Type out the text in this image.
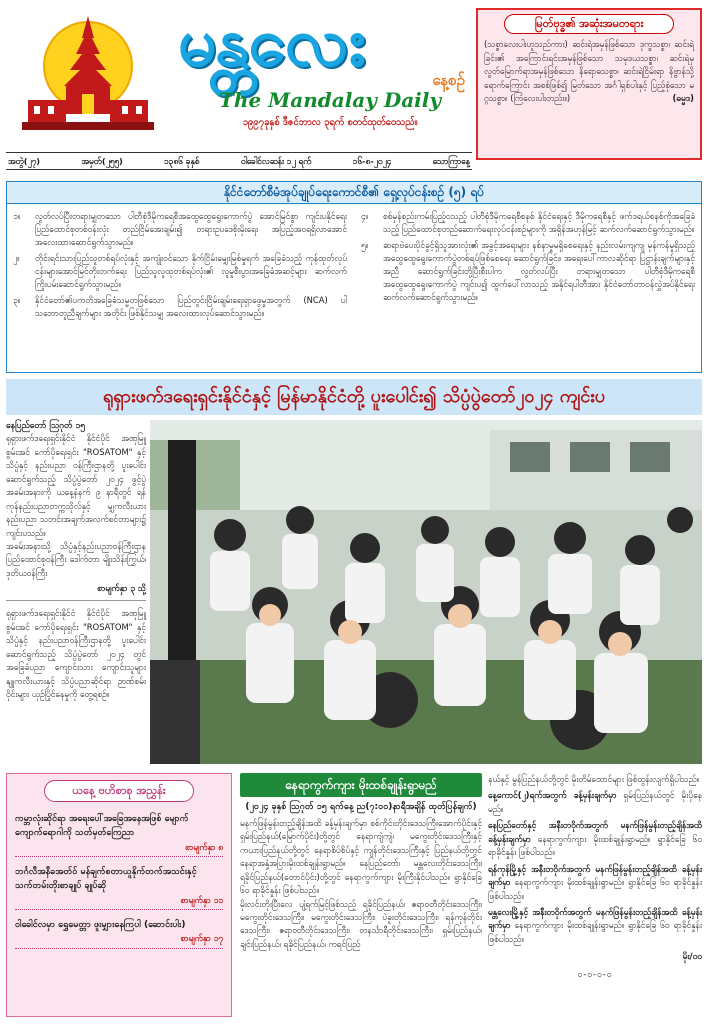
မန္တလေး	နေ့စဉ်
The Mandalay Daily
၁၉၉၇ခုနှစ် ဒီဇင်ဘာလ ၃ရက် စတင်ထုတ်ဝေသည်။
မြတ်ဗုဒ္ဓ၏ အဆုံးအမတရား
(သစ္စာလေးပါးဟူသည်ကား) ဆင်းရဲအမှန်ဖြစ်သော ဒုက္ခသစ္စာ၊ ဆင်းရဲခြင်း၏ အကြောင်းရင်းအမှန်ဖြစ်သော သမုဒယသစ္စာ၊ ဆင်းရဲမှ လွတ်မြောက်ရာအမှန်ဖြစ်သော နိရောဓသစ္စာ၊ ဆင်းရဲငြိမ်းရာ နိဗ္ဗာန်သို့ရောက်ကြောင်း အစစ်ဖြစ်၍ မြတ်သော အင်္ဂါရှစ်ပါးနှင့် ပြည့်စုံသော မဂ္ဂသစ္စာ။ (ကြံလေးပါးတည်း။)	(ဓမ္မဒ)
အတွဲ(၂၇)	အမှတ်(၂၅၅)	၁၃၈၆ ခုနှစ်	ဝါခေါင်လဆန်း ၁၂ ရက်	၁၆-၈-၂၀၂၄	သောကြာနေ့
နိုင်ငံတော်စီမံအုပ်ချုပ်ရေးကောင်စီ၏ ရှေ့လုပ်ငန်းစဉ် (၅) ရပ်
၁။	လွတ်လပ်ပြီးတရားမျှတသော ပါတီစုံဒီမိုကရေစီအထွေထွေရွေးကောက်ပွဲ အောင်မြင်စွာ ကျင်းပနိုင်ရေး ပြည်ထောင်စုတစ်ဝန်းလုံး တည်ငြိမ်အေးချမ်း၍ တရားဥပဒေစိုးမိုးရေး အပြည့်အဝရရှိလာအောင် အလေးထားဆောင်ရွက်သွားမည်။
၂။	တိုင်းရင်းသားပြည်သူတစ်ရပ်လုံးနှင့် အကျုံးဝင်သော နိုက်ငြိမ်းမျှေးမြစ်မှုရက် အခြေခံသည့် ကုန်ထုတ်လုပ်ငန်းများအောင်မြင်တိုးတက်ရေး ပြည်သူလူထုတစ်ရပ်လုံး၏ လူမှုစီးပွားအခြေခံအဆင့်များ ဆက်လက်ကြိုးပမ်းဆောင်ရွက်သွားမည်။
၃။	နိုင်ငံတော်၏ပကတိအခြေခံသမ္မတဖြစ်သော ပြည်တွင်းငြိမ်းချမ်းရေးရှာဖွေမှုအတွက် (NCA) ပါ သဘောတူညီချက်များ အတိုင်း ဖြစ်နိုင်သမျှ အလေးထားလုပ်ဆောင်သွားမည်။
၄။	စစ်မှန်စည်းကမ်းပြည့်ဝသည့် ပါတီစုံဒီမိုကရေစီစနစ် နိုင်ငံရေးနှင့် ဒီမိုကရေစီနှင့် ဖက်ဒရယ်စနစ်ကိုအခြေခံသည့် ပြည်ထောင်စုတည်ဆောက်ရေးလုပ်ငန်းစဉ်များကို အရှိန်အဟုန်မြင့် ဆက်လက်ဆောင်ရွက်သွားမည်။
၅။	ဆရာဗဲပေးပိုင်ခွင့်ရှိသူအားလုံး၏ အခွင့်အရေးများ နစ်နာမှုမရှိစေရေးနှင့် နည်းလမ်းကျကျ မှန်ကန်မှုရှိသည့် အထွေထွေရွေးကောက်ပွဲတစ်ရပ်ဖြစ်စေရေး ဆောင်ရွက်ခြင်း၊ အရေးပေါ်ကာလဆိုင်ရာ ပြဋ္ဌာန်းချက်များနှင့်အညီ ဆောင်ရွက်ခြင်းတို့ပြီးစီးပါက လွတ်လပ်ပြီး တရားမျှတသော ပါတီစုံဒီမိုကရေစီ အထွေထွေရွေးကောက်ပွဲ ကျင်းပ၍ ထွက်ပေါ်လာသည့် အနိုင်ရပါတီအား နိုင်ငံတော်တာဝန်လွှဲအပ်နိုင်ရေး ဆက်လက်ဆောင်ရွက်သွားမည်။
ရုရှားဖက်ဒရေးရှင်းနိုင်ငံနှင့် မြန်မာနိုင်ငံတို့ ပူးပေါင်း၍ သိပ္ပံပွဲတော်၂၀၂၄ ကျင်းပ
နေပြည်တော် ဩဂုတ် ၁၅

ရုရှားဖက်ဒရေးရှင်းနိုင်ငံ နိုင်ငံပိုင် အဏုမြူစွမ်းအင် ကော်ပိုရေးရှင်း "ROSATOM" နှင့် သိပ္ပံနှင့် နည်းပညာ ဝန်ကြီးဌာနတို့ ပူးပေါင်းဆောင်ရွက်သည့် သိပ္ပံပွဲတော် ၂၀၂၄ ဖွင့်ပွဲအခမ်းအနားကို ယနေ့နံနက် ၉ နာရီတွင် ရန်ကုန်နည်းပညာတက္ကသိုလ်နှင့် မျှကလီးယားနည်းပညာ သတင်းအချက်အလက်စင်တာများ၌ ကျင်းပသည်။

အခမ်းအနားသို့ သိပ္ပံနှင့်နည်းပညာဝန်ကြီးဌာန ပြည်ထောင်စုဝန်ကြီး ဒေါက်တာ မျိုးသိန်းကြွယ်၊ ဒုတိယဝန်ကြီး

စာမျက်နှာ ၃ သို့

ရုရှားဖက်ဒရေးရှင်းနိုင်ငံ နိုင်ငံပိုင် အဏုမြူစွမ်းအင် ကော်ပိုရေးရှင်း "ROSATOM" နှင့် သိပ္ပံနှင့် နည်းပညာဝန်ကြီးဌာနတို့ ပူးပေါင်းဆောင်ရွက်သည့် သိပ္ပံပွဲတော် ၂၀၂၄ တွင် အခြေခံပညာ ကျောင်းသား ကျောင်းသူများ နျူကလီးယားနှင့် သိပ္ပံပညာဆိုင်ရာ ဉာဏ်စမ်းဝိုင်းများ ယှဉ်ပြိုင်နေမှုကို တွေ့ရစဉ်။

ယနေ့ ဗဟိစာစု အညွှန်း
ကမ္ဘာလုံးဆိုင်ရာ အရေးပေါ်အခြေအနေအဖြစ် မျောက်ကျောက်ရောဂါကို သတ်မှတ်ကြေညာ
စာမျက်နှာ ၈
ဘင်္ဂလီအနီခအတ်ဝ် မန်ချက်စတာယူနိုက်တက်အသင်းနှင့် သက်တမ်းတိုးစာချုပ် ချုပ်ဆို
စာမျက်နှာ ၁၁
ဝါခေါင်လမှာ ရွှေမေတ္တာ ဖူးမျှားနေကြပါ (ဆောင်းပါး)
စာမျက်နှာ ၁၇
နေရာကွက်ကျား မိုးထစ်ချုန်းရွာမည်
(၂၀၂၄ ခုနှစ် ဩဂုတ် ၁၅ ရက်နေ့ ည(၇:၀၀)နာရီအချိန် ထုတ်ပြန်ချက်)

မနက်ဖြန်မွန်းတည့်ချိန်အထိ ခန့်မှန်းချက်မှာ စစ်ကိုင်းတိုင်းဒေသကြီးအောက်ပိုင်းနှင့် ရှမ်းပြည်နယ်(မြောက်ပိုင်း)တို့တွင် နေရာကျဲကျဲ၊ မကွေးတိုင်းဒေသကြီးနှင့် ကယားပြည်နယ်တို့တွင် နေရာစိပ်စိပ်နှင့် ကျန်တိုင်းဒေသကြီးနှင့် ပြည်နယ်တို့တွင် နေရာအနှံ့အပြားမိုးထစ်ချုန်းရွာမည်။ နေပြည်တော်၊ မန္တလေးတိုင်းဒေသကြီး၊ ရခိုင်ပြည်နယ်(တောင်ပိုင်း)တို့တွင် နေရာကွက်ကျား မိုးကြီးနိုင်ပါသည်။ ရွာနိုင်ခြေ ၆၀ ရာခိုင်နှုန်း ဖြစ်ပါသည်။

မိုးလင်းတိုးပြီးလေ ပျံ့ရက်မြင့်ဖြစ်သည့် ရခိုင်ပြည်နယ်၊ ဧရာဝတီတိုင်းဒေသကြီး၊ မကွေးတိုင်းဒေသကြီး၊ မကွေးတိုင်းဒေသကြီး၊ ပဲခူးတိုင်းဒေသကြီး၊ ရန်ကုန်တိုင်းဒေသကြီး၊ ဧရာဝတီတိုင်းဒေသကြီး၊ တနင်္သာရီတိုင်းဒေသကြီး၊ ရှမ်းပြည်နယ်၊ ချင်းပြည်နယ်၊ ရခိုင်ပြည်နယ်၊ ကရင်ပြည်

နယ်နှင့် မွန်ပြည်နယ်တို့တွင် မိုးတိမ်ထောင်များ ဖြစ်ထွန်းလျက်ရှိပါသည်။

နေ့ကောင်(၂)ရက်အတွက် ခန့်မှန်းချက်မှာ ရှမ်းပြည်နယ်တွင် မိုးပိုနေမည်။

နေပြည်တော်နှင့် အနီးတဝိုက်အတွက် မနက်ဖြန်မွန်းတည့်ချိန်အထိ ခန့်မှန်းချက်မှာ နေရာကွက်ကျား မိုးထစ်ချုန်းရွာမည်။ ရွာနိုင်ခြေ ၆၀ ရာခိုင်နှုန်း ဖြစ်ပါသည်။

ရန်ကုန်မြို့နှင့် အနီးတဝိုက်အတွက် မနက်ဖြန်မွန်းတည့်ချိန်အထိ ခန့်မှန်းချက်မှာ နေရာကွက်ကျား မိုးထစ်ချုန်းရွာမည်။ ရွာနိုင်ခြေ ၆၀ ရာခိုင်နှုန်း ဖြစ်ပါသည်။

မန္တလေးမြို့နှင့် အနီးတဝိုက်အတွက် မနက်ဖြန်မွန်းတည့်ချိန်အထိ ခန့်မှန်းချက်မှာ နေရာကွက်ကျား မိုးထစ်ချုန်းရွာမည်။ ရွာနိုင်ခြေ ၆၀ ရာခိုင်နှုန်း ဖြစ်ပါသည်။

မိုး/၀ဝ
၀-၀-၀-၀
